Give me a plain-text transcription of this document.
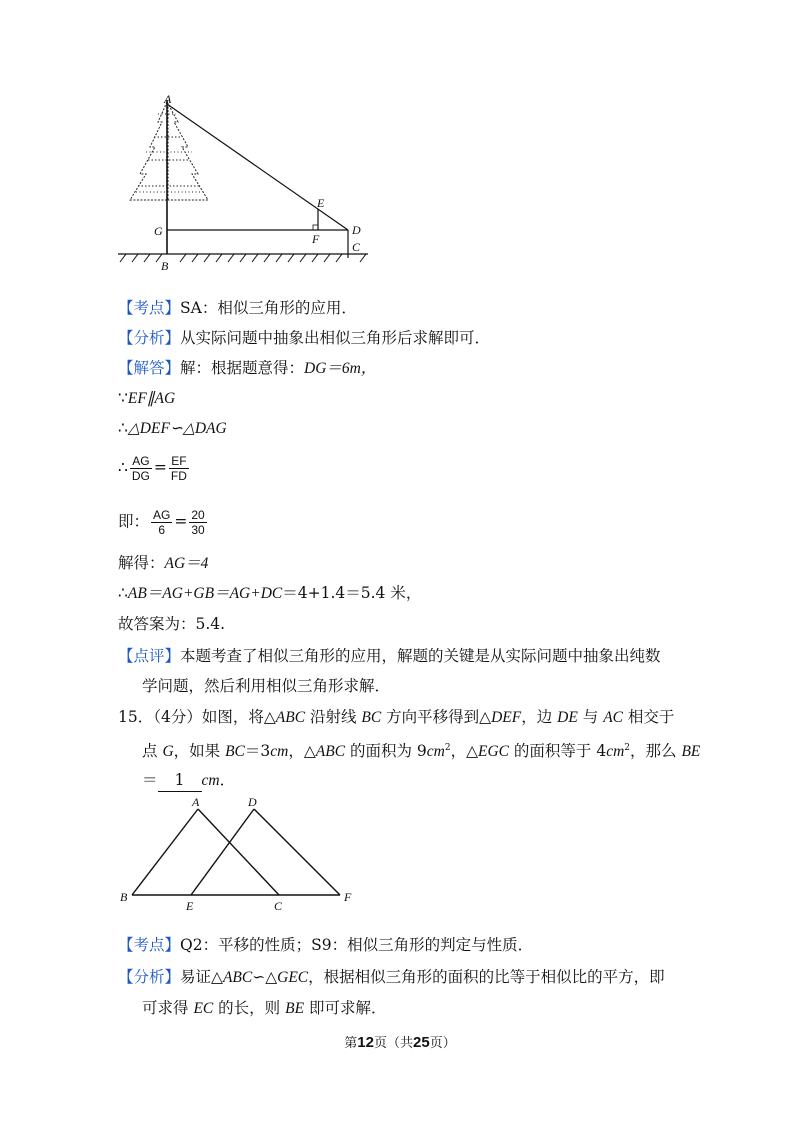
A
E
D
G
F
C
B
【考点】SA：相似三角形的应用．
【分析】从实际问题中抽象出相似三角形后求解即可．
【解答】解：根据题意得：DG＝6m，
∵EF∥AG
∴△DEF∽△DAG
∴ $\frac{AG}{DG} = \frac{EF}{FD}$
即： $\frac{AG}{6} = \frac{20}{30}$
解得：AG＝4
∴AB＝AG+GB＝AG+DC＝4+1.4＝5.4 米，
故答案为：5.4.
【点评】本题考查了相似三角形的应用，解题的关键是从实际问题中抽象出纯数
学问题，然后利用相似三角形求解．
15．（4分）如图，将△ABC 沿射线 BC 方向平移得到△DEF，边 DE 与 AC 相交于
点 G，如果 BC＝3cm，△ABC 的面积为 $9cm^2$，△EGC 的面积等于 $4cm^2$，那么 BE
＝ 1 cm．
A	D
B
E	C
F
【考点】Q2：平移的性质；S9：相似三角形的判定与性质．
【分析】易证△ABC∽△GEC，根据相似三角形的面积的比等于相似比的平方，即
可求得 EC 的长，则 BE 即可求解．
第12页（共25页）
